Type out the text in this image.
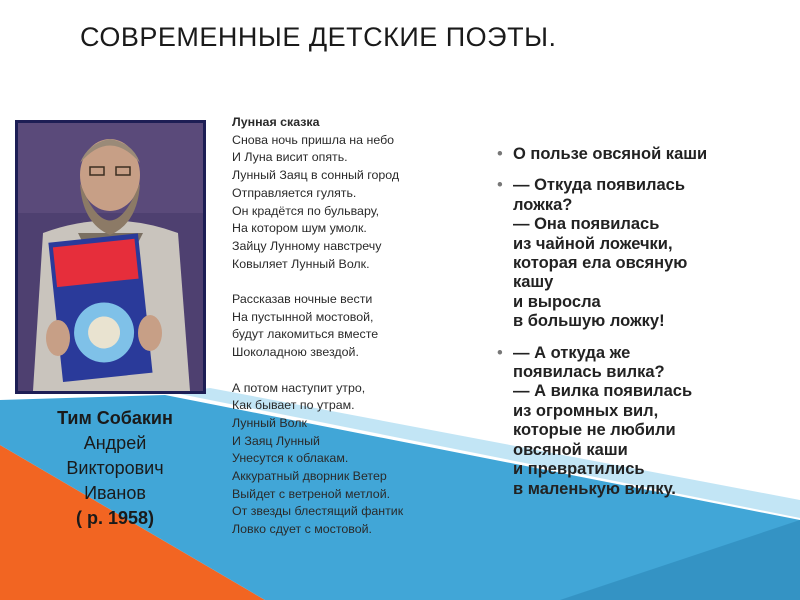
СОВРЕМЕННЫЕ ДЕТСКИЕ ПОЭТЫ.
Тим Собакин
Андрей
Викторович
Иванов
( р. 1958)
Лунная сказка
Снова ночь пришла на небо
И Луна висит опять.
Лунный Заяц в сонный город
Отправляется гулять.
Он крадётся по бульвару,
На котором шум умолк.
Зайцу Лунному навстречу
Ковыляет Лунный Волк.
Рассказав ночные вести
На пустынной мостовой,
будут лакомиться вместе
Шоколадною звездой.
А потом наступит утро,
Как бывает по утрам.
Лунный Волк
И Заяц Лунный
Унесутся к облакам.
Аккуратный дворник Ветер
Выйдет с ветреной метлой.
От звезды блестящий фантик
Ловко сдует с мостовой.
• О пользе овсяной каши
• — Откуда появилась
ложка?
— Она появилась
из чайной ложечки,
которая ела овсяную
кашу
и выросла
в большую ложку!
• — А откуда же
появилась вилка?
— А вилка появилась
из огромных вил,
которые не любили
овсяной каши
и превратились
в маленькую вилку.
